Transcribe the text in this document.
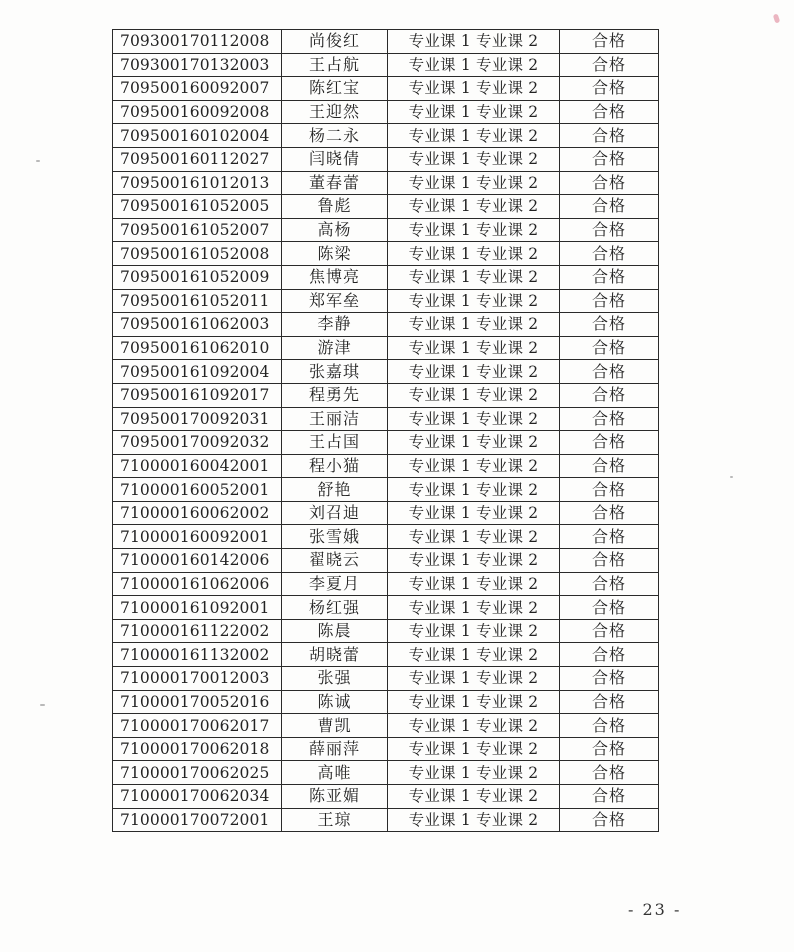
709300170112008	尚俊红	专业课 1 专业课 2	合格
709300170132003	王占航	专业课 1 专业课 2	合格
709500160092007	陈红宝	专业课 1 专业课 2	合格
709500160092008	王迎然	专业课 1 专业课 2	合格
709500160102004	杨二永	专业课 1 专业课 2	合格
709500160112027	闫晓倩	专业课 1 专业课 2	合格
709500161012013	董春蕾	专业课 1 专业课 2	合格
709500161052005	鲁彪	专业课 1 专业课 2	合格
709500161052007	高杨	专业课 1 专业课 2	合格
709500161052008	陈梁	专业课 1 专业课 2	合格
709500161052009	焦博亮	专业课 1 专业课 2	合格
709500161052011	郑军垒	专业课 1 专业课 2	合格
709500161062003	李静	专业课 1 专业课 2	合格
709500161062010	游津	专业课 1 专业课 2	合格
709500161092004	张嘉琪	专业课 1 专业课 2	合格
709500161092017	程勇先	专业课 1 专业课 2	合格
709500170092031	王丽洁	专业课 1 专业课 2	合格
709500170092032	王占国	专业课 1 专业课 2	合格
710000160042001	程小猫	专业课 1 专业课 2	合格
710000160052001	舒艳	专业课 1 专业课 2	合格
710000160062002	刘召迪	专业课 1 专业课 2	合格
710000160092001	张雪娥	专业课 1 专业课 2	合格
710000160142006	翟晓云	专业课 1 专业课 2	合格
710000161062006	李夏月	专业课 1 专业课 2	合格
710000161092001	杨红强	专业课 1 专业课 2	合格
710000161122002	陈晨	专业课 1 专业课 2	合格
710000161132002	胡晓蕾	专业课 1 专业课 2	合格
710000170012003	张强	专业课 1 专业课 2	合格
710000170052016	陈诚	专业课 1 专业课 2	合格
710000170062017	曹凯	专业课 1 专业课 2	合格
710000170062018	薛丽萍	专业课 1 专业课 2	合格
710000170062025	高唯	专业课 1 专业课 2	合格
710000170062034	陈亚媚	专业课 1 专业课 2	合格
710000170072001	王琼	专业课 1 专业课 2	合格
- 23 -
